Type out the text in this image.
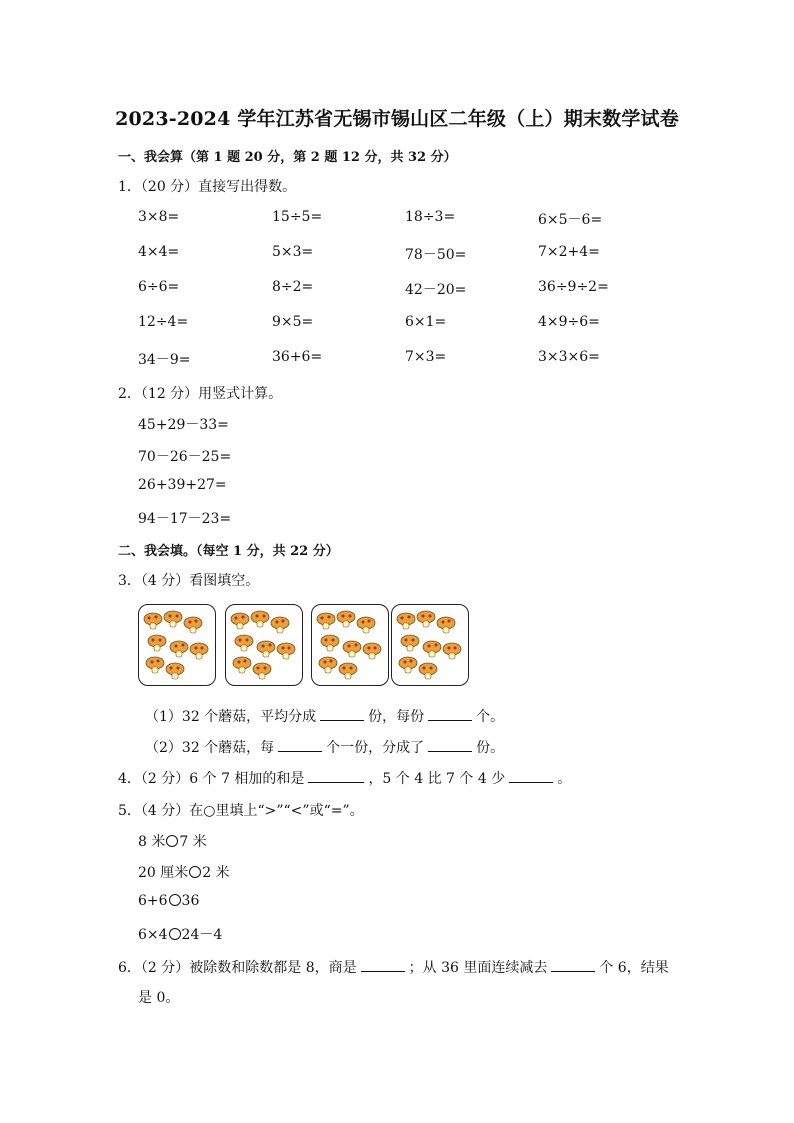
2023-2024 学年江苏省无锡市锡山区二年级（上）期末数学试卷
一、我会算（第 1 题 20 分，第 2 题 12 分，共 32 分）
1．（20 分）直接写出得数。
3×8=	15÷5=	18÷3=	6×5－6=
4×4=	5×3=	78－50=	7×2+4=
6÷6=	8÷2=	42－20=	36÷9÷2=
12÷4=	9×5=	6×1=	4×9÷6=
34－9=	36+6=	7×3=	3×3×6=
2．（12 分）用竖式计算。
45+29－33=
70－26－25=
26+39+27=
94－17－23=
二、我会填。（每空 1 分，共 22 分）
3．（4 分）看图填空。
（1）32 个蘑菇，平均分成	份，每份	个。
（2）32 个蘑菇，每	个一份，分成了	份。
4．（2 分）6 个 7 相加的和是	，5 个 4 比 7 个 4 少	。
5．（4 分）在○里填上“>”“<”或“=”。
8 米 7 米
20 厘米 2 米
6+6 36
6×4 24－4
6．（2 分）被除数和除数都是 8，商是	；从 36 里面连续减去	个 6，结果
是 0。
